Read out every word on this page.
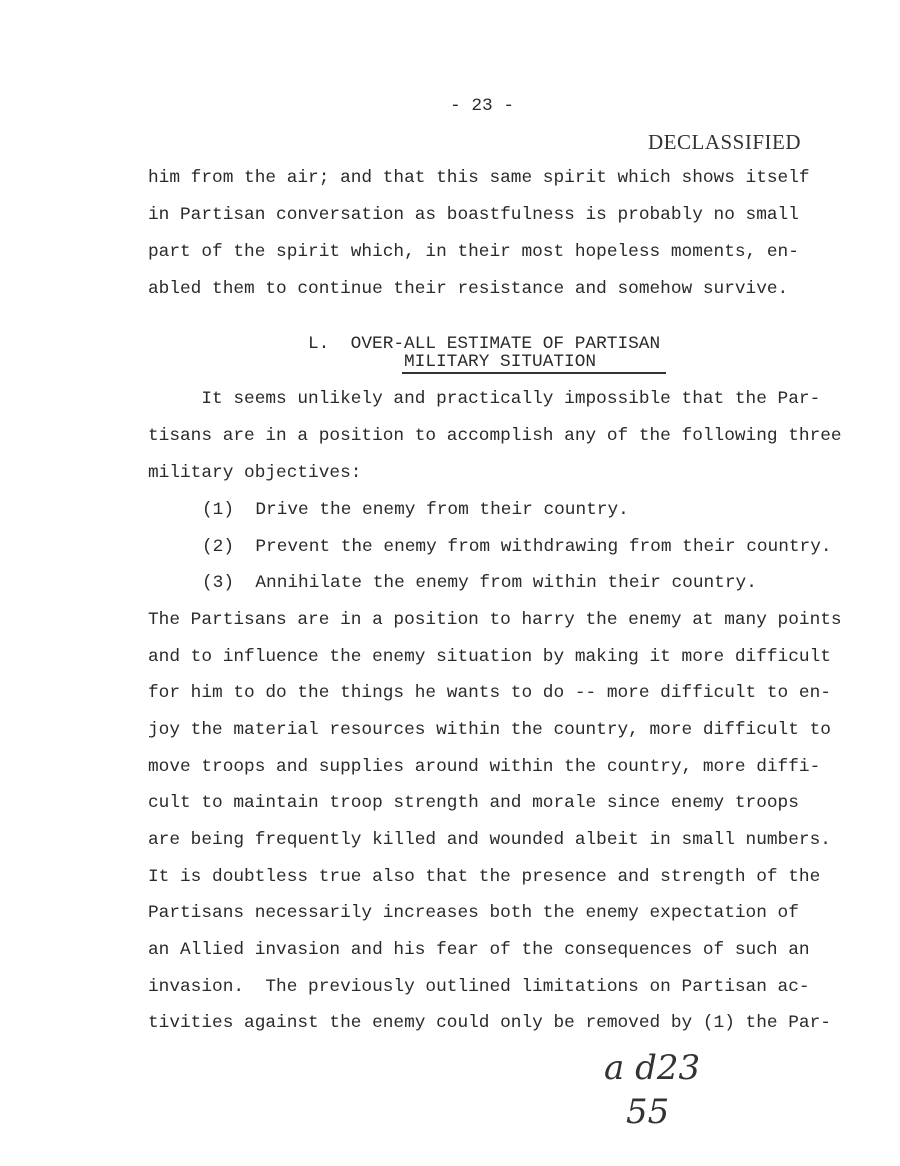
- 23 -
DECLASSIFIED
him from the air; and that this same spirit which shows itself
in Partisan conversation as boastfulness is probably no small
part of the spirit which, in their most hopeless moments, en-
abled them to continue their resistance and somehow survive.
L.  OVER-ALL ESTIMATE OF PARTISAN
MILITARY SITUATION
It seems unlikely and practically impossible that the Par-
tisans are in a position to accomplish any of the following three
military objectives:
(1)  Drive the enemy from their country.
(2)  Prevent the enemy from withdrawing from their country.
(3)  Annihilate the enemy from within their country.
The Partisans are in a position to harry the enemy at many points
and to influence the enemy situation by making it more difficult
for him to do the things he wants to do -- more difficult to en-
joy the material resources within the country, more difficult to
move troops and supplies around within the country, more diffi-
cult to maintain troop strength and morale since enemy troops
are being frequently killed and wounded albeit in small numbers.
It is doubtless true also that the presence and strength of the
Partisans necessarily increases both the enemy expectation of
an Allied invasion and his fear of the consequences of such an
invasion.  The previously outlined limitations on Partisan ac-
tivities against the enemy could only be removed by (1) the Par-
a d23
55
